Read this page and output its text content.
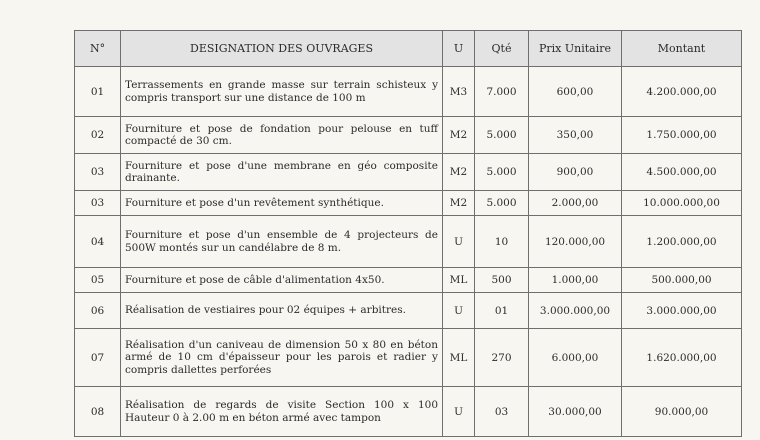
N°	DESIGNATION DES OUVRAGES	U	Qté	Prix Unitaire	Montant
01	Terrassements en grande masse sur terrain schisteux y compris transport sur une distance de 100 m	M3	7.000	600,00	4.200.000,00
02	Fourniture et pose de fondation pour pelouse en tuff compacté de 30 cm.	M2	5.000	350,00	1.750.000,00
03	Fourniture et pose d'une membrane en géo composite drainante.	M2	5.000	900,00	4.500.000,00
03	Fourniture et pose d'un revêtement synthétique.	M2	5.000	2.000,00	10.000.000,00
04	Fourniture et pose d'un ensemble de 4 projecteurs de 500W montés sur un candélabre de 8 m.	U	10	120.000,00	1.200.000,00
05	Fourniture et pose de câble d'alimentation 4x50.	ML	500	1.000,00	500.000,00
06	Réalisation de vestiaires pour 02 équipes + arbitres.	U	01	3.000.000,00	3.000.000,00
07	Réalisation d'un caniveau de dimension 50 x 80 en béton armé de 10 cm d'épaisseur pour les parois et radier y compris dallettes perforées	ML	270	6.000,00	1.620.000,00
08	Réalisation de regards de visite Section 100 x 100 Hauteur 0 à 2.00 m en béton armé avec tampon	U	03	30.000,00	90.000,00
